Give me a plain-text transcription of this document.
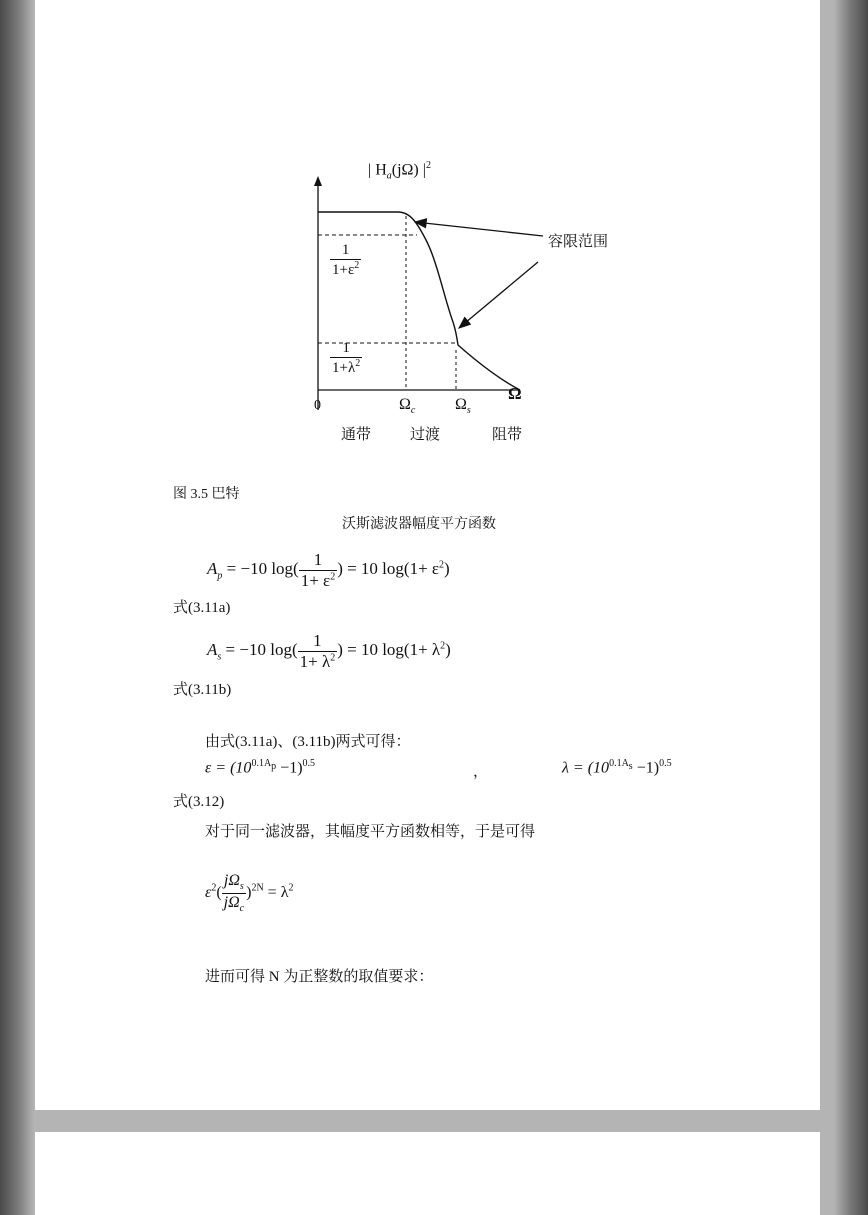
| $H_a(j\Omega)$ $|^2$
$\frac{1}{1+\varepsilon^2}$
$\frac{1}{1+\lambda^2}$
0	$\Omega_c$ $\Omega_s$
Ω
容限范围
通带	过渡	阻带
图 3.5 巴特
沃斯滤波器幅度平方函数
$A_p = -10$ $\log( \frac{1}{1+ \varepsilon^2}$ ) = 10 $\log(1+ \varepsilon^2)$
式(3.11a)
$A_s = -10$ $\log( \frac{1}{1+ \lambda^2}$ ) = 10 $\log(1+ \lambda^2)$
式(3.11b)
由式(3.11a)、(3.11b)两式可得：
$\varepsilon = (10^{0.1A_p} -1)^{0.5}$
，	$\lambda = (10^{0.1A_s} -1)^{0.5}$
式(3.12)
对于同一滤波器，其幅度平方函数相等，于是可得
$\varepsilon^2( \frac{j\Omega_s}{j\Omega_c} )^{2N} = \lambda^2$
进而可得 N 为正整数的取值要求：
